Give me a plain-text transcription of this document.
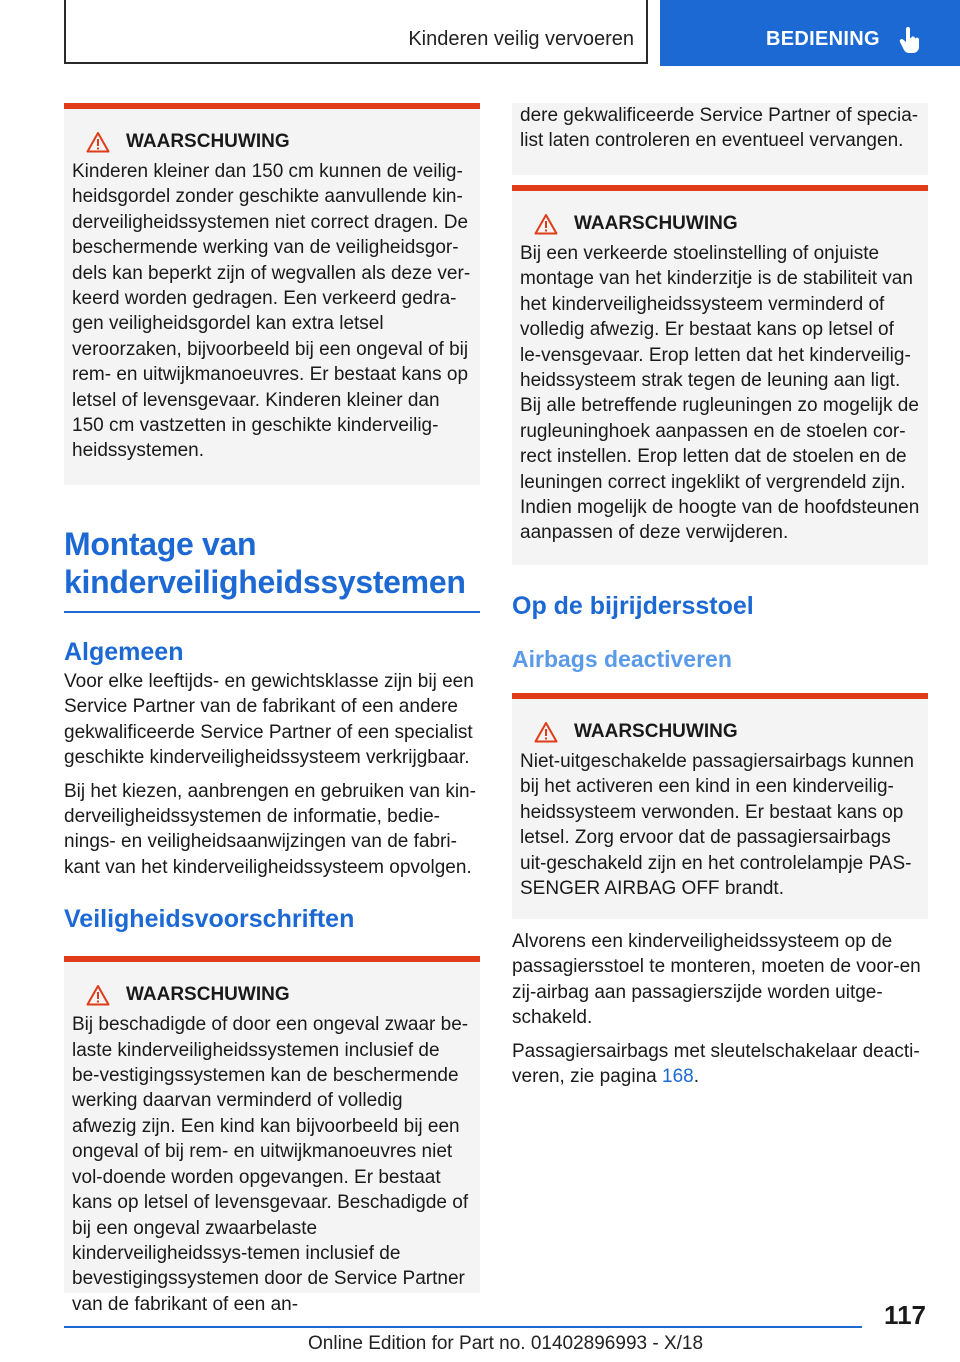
Kinderen veilig vervoeren	BEDIENING
WAARSCHUWING
Kinderen kleiner dan 150 cm kunnen de veilig-heidsgordel zonder geschikte aanvullende kin-derveiligheidssystemen niet correct dragen. De beschermende werking van de veiligheidsgor-dels kan beperkt zijn of wegvallen als deze ver-keerd worden gedragen. Een verkeerd gedra-gen veiligheidsgordel kan extra letsel veroorzaken, bijvoorbeeld bij een ongeval of bij rem- en uitwijkmanoeuvres. Er bestaat kans op letsel of levensgevaar. Kinderen kleiner dan 150 cm vastzetten in geschikte kinderveilig-heidssystemen.
Montage van
kinderveiligheidssystemen
Algemeen

Voor elke leeftijds- en gewichtsklasse zijn bij een Service Partner van de fabrikant of een andere gekwalificeerde Service Partner of een specialist geschikte kinderveiligheidssysteem verkrijgbaar.

Bij het kiezen, aanbrengen en gebruiken van kin-derveiligheidssystemen de informatie, bedie-nings- en veiligheidsaanwijzingen van de fabri-kant van het kinderveiligheidssysteem opvolgen.

Veiligheidsvoorschriften
WAARSCHUWING
Bij beschadigde of door een ongeval zwaar be-laste kinderveiligheidssystemen inclusief de be-vestigingssystemen kan de beschermende werking daarvan verminderd of volledig afwezig zijn. Een kind kan bijvoorbeeld bij een ongeval of bij rem- en uitwijkmanoeuvres niet vol-doende worden opgevangen. Er bestaat kans op letsel of levensgevaar. Beschadigde of bij een ongeval zwaarbelaste kinderveiligheidssys-temen inclusief de bevestigingssystemen door de Service Partner van de fabrikant of een an-
dere gekwalificeerde Service Partner of specia-list laten controleren en eventueel vervangen.
WAARSCHUWING
Bij een verkeerde stoelinstelling of onjuiste montage van het kinderzitje is de stabiliteit van het kinderveiligheidssysteem verminderd of volledig afwezig. Er bestaat kans op letsel of le-vensgevaar. Erop letten dat het kinderveilig-heidssysteem strak tegen de leuning aan ligt. Bij alle betreffende rugleuningen zo mogelijk de rugleuninghoek aanpassen en de stoelen cor-rect instellen. Erop letten dat de stoelen en de leuningen correct ingeklikt of vergrendeld zijn. Indien mogelijk de hoogte van de hoofdsteunen aanpassen of deze verwijderen.
Op de bijrijdersstoel
Airbags deactiveren
WAARSCHUWING
Niet-uitgeschakelde passagiersairbags kunnen bij het activeren een kind in een kinderveilig-heidssysteem verwonden. Er bestaat kans op letsel. Zorg ervoor dat de passagiersairbags uit-geschakeld zijn en het controlelampje PAS-SENGER AIRBAG OFF brandt.

Alvorens een kinderveiligheidssysteem op de passagiersstoel te monteren, moeten de voor-en zij-airbag aan passagierszijde worden uitge-schakeld.

Passagiersairbags met sleutelschakelaar deacti-veren, zie pagina 168.

117
Online Edition for Part no. 01402896993 - X/18
